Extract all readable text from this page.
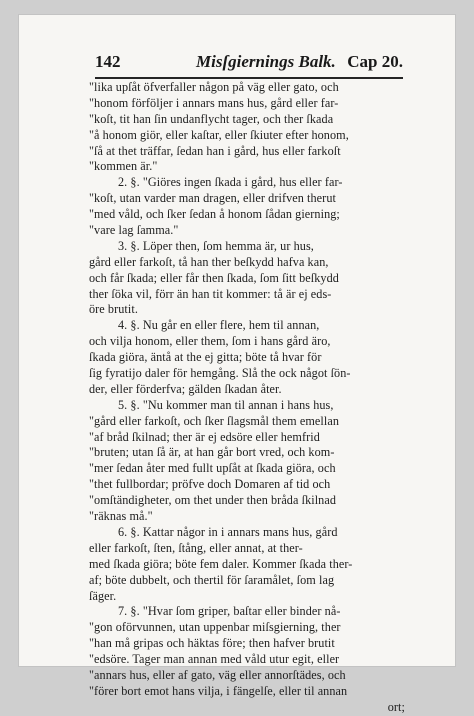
142	Misſgiernings Balk. Cap 20.
"lika upſåt öfverfaller någon på väg eller gato, och
"honom förföljer i annars mans hus, gård eller far-
"koſt, tit han ſin undanflycht tager, och ther ſkada
"å honom giör, eller kaſtar, eller ſkiuter efter honom,
"ſå at thet träffar, ſedan han i gård, hus eller farkoſt
"kommen är."
2. §. "Giöres ingen ſkada i gård, hus eller far-
"koſt, utan varder man dragen, eller drifven therut
"med våld, och ſker ſedan å honom ſådan gierning;
"vare lag ſamma."
3. §. Löper then, ſom hemma är, ur hus,
gård eller farkoſt, tå han ther beſkydd hafva kan,
och får ſkada; eller får then ſkada, ſom ſitt beſkydd
ther ſöka vil, förr än han tit kommer: tå är ej eds-
öre brutit.
4. §. Nu går en eller flere, hem til annan,
och vilja honom, eller them, ſom i hans gård äro,
ſkada giöra, äntå at the ej gitta; böte tå hvar för
ſig fyratijo daler för hemgång. Slå the ock något ſön-
der, eller förderfva; gälden ſkadan åter.
5. §. "Nu kommer man til annan i hans hus,
"gård eller farkoſt, och ſker ſlagsmål them emellan
"af bråd ſkilnad; ther är ej edsöre eller hemfrid
"bruten; utan ſå är, at han går bort vred, och kom-
"mer ſedan åter med fullt upſåt at ſkada giöra, och
"thet fullbordar; pröfve doch Domaren af tid och
"omſtändigheter, om thet under then bråda ſkilnad
"räknas må."
6. §. Kattar någor in i annars mans hus, gård
eller farkoſt, ſten, ſtång, eller annat, at ther-
med ſkada giöra; böte fem daler. Kommer ſkada ther-
af; böte dubbelt, och thertil för ſaramålet, ſom lag
ſäger.
7. §. "Hvar ſom griper, baſtar eller binder nå-
"gon oförvunnen, utan uppenbar miſsgierning, ther
"han må gripas och häktas före; then hafver brutit
"edsöre. Tager man annan med våld utur egit, eller
"annars hus, eller af gato, väg eller annorſtädes, och
"förer bort emot hans vilja, i fängelſe, eller til annan
ort;
